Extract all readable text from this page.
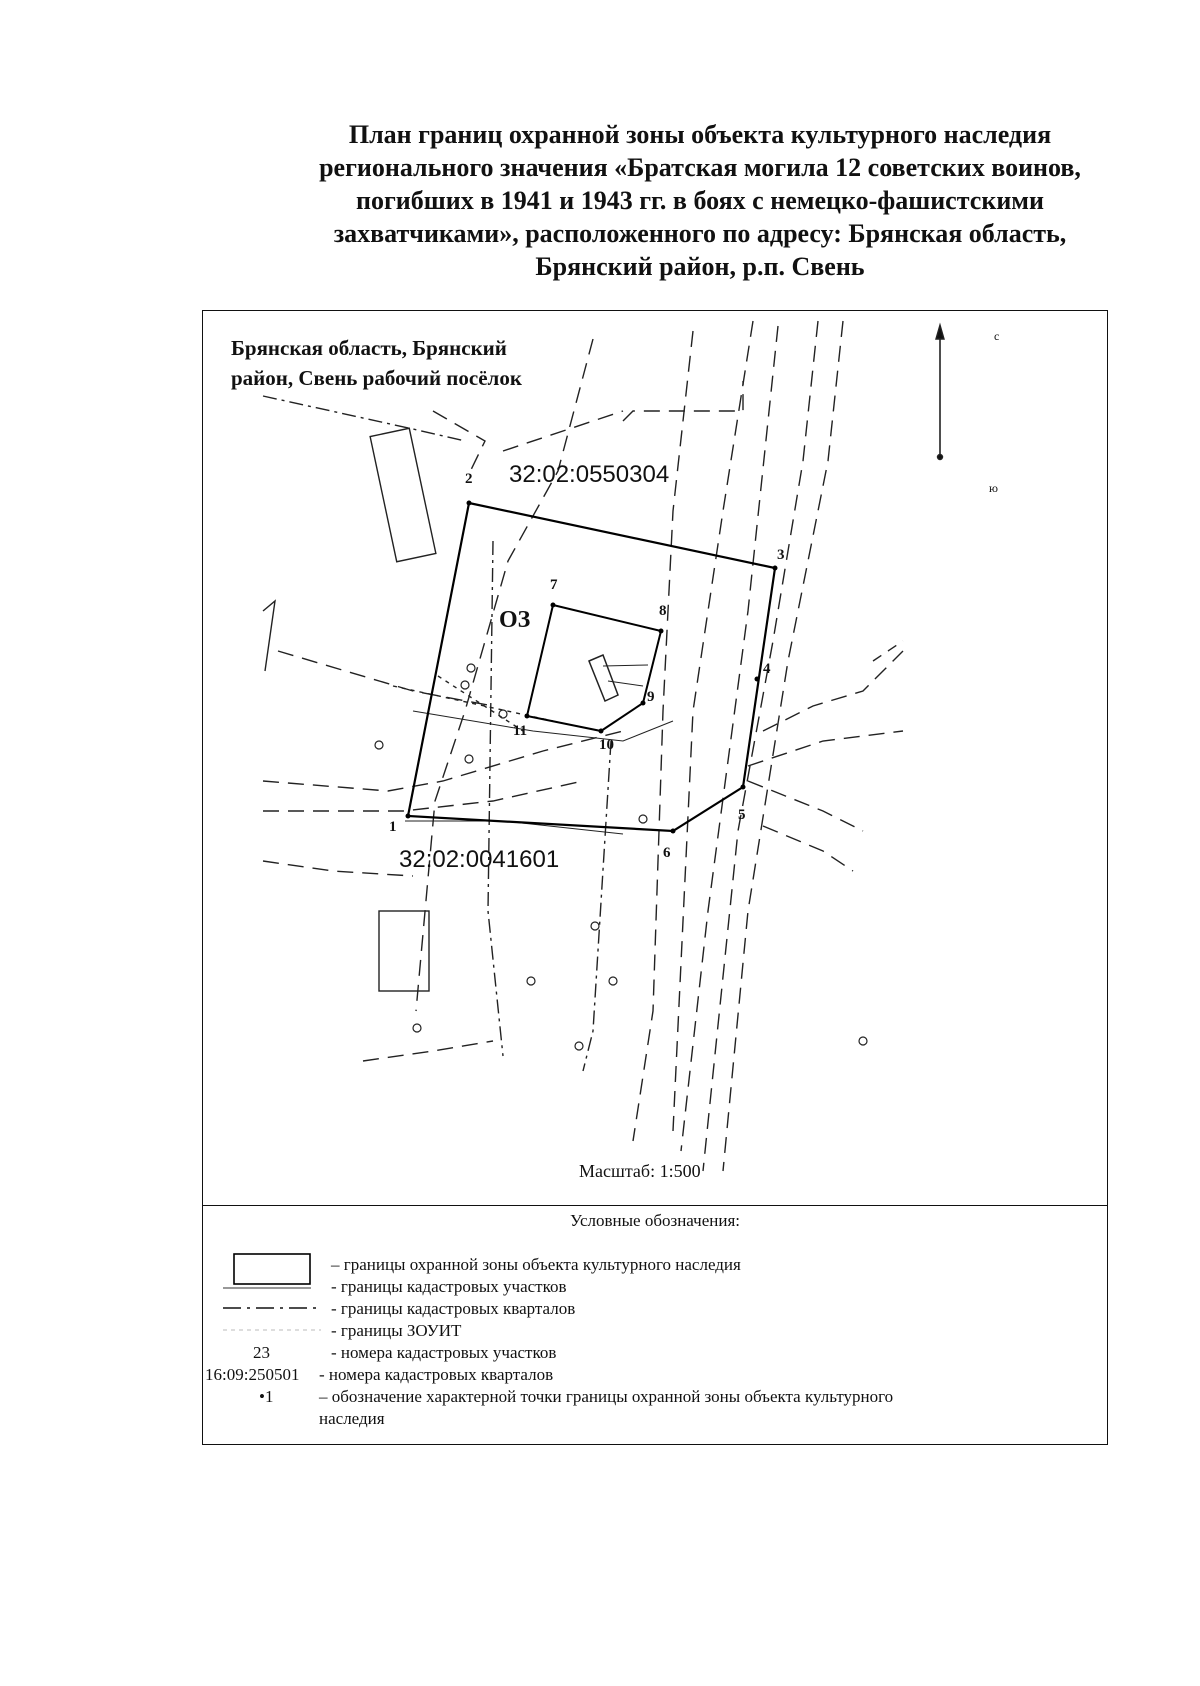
План границ охранной зоны объекта культурного наследия
регионального значения «Братская могила 12 советских воинов,
погибших в 1941 и 1943 гг. в боях с немецко-фашистскими
захватчиками», расположенного по адресу: Брянская область,
Брянский район, р.п. Свень
Брянская область, Брянский
район, Свень рабочий посёлок
с
ю
32:02:0550304
32:02:0041601
ОЗ
Масштаб: 1:500
1
2
3
4
5
6
7
8
9
10
11
Условные обозначения:
– границы охранной зоны объекта культурного наследия
- границы кадастровых участков
- границы кадастровых кварталов
- границы ЗОУИТ
23	- номера кадастровых участков
16:09:250501 - номера кадастровых кварталов
•1	– обозначение характерной точки границы охранной зоны объекта культурного
наследия
